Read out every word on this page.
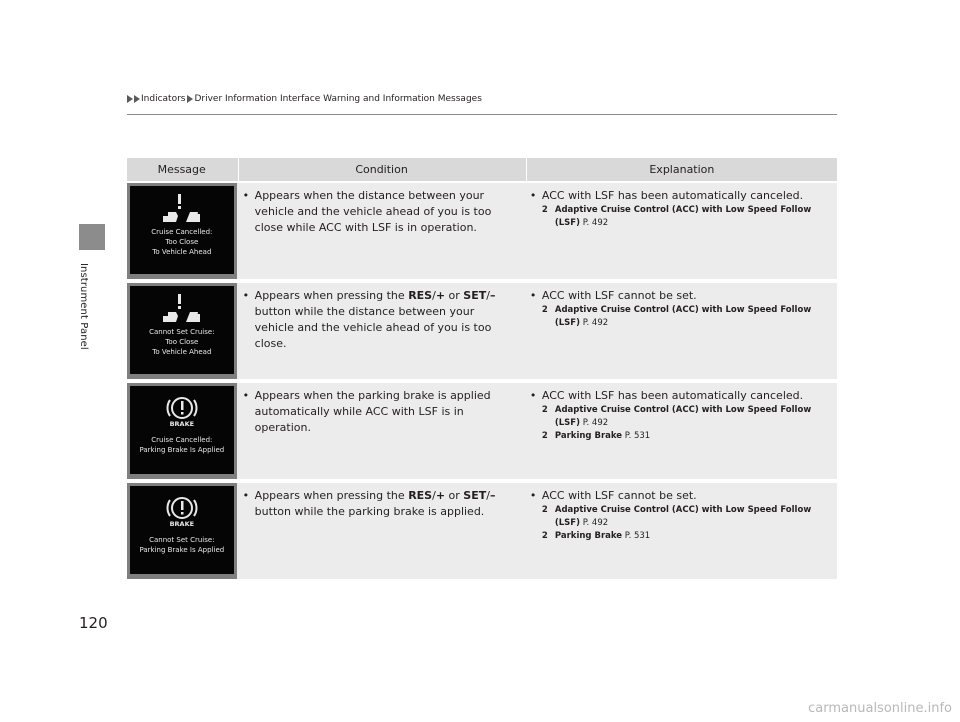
Instrument Panel
Indicators Driver Information Interface Warning and Information Messages
Message	Condition	Explanation
Cruise Cancelled:
Too Close
To Vehicle Ahead
• Appears when the distance between your vehicle and the vehicle ahead of you is too close while ACC with LSF is in operation.
• ACC with LSF has been automatically canceled.
2 Adaptive Cruise Control (ACC) with Low Speed Follow (LSF) P. 492
Cannot Set Cruise:
Too Close
To Vehicle Ahead
• Appears when pressing the RES/+ or SET/– button while the distance between your vehicle and the vehicle ahead of you is too close.
• ACC with LSF cannot be set.
2 Adaptive Cruise Control (ACC) with Low Speed Follow (LSF) P. 492
BRAKE
Cruise Cancelled:
Parking Brake Is Applied
• Appears when the parking brake is applied automatically while ACC with LSF is in operation.
• ACC with LSF has been automatically canceled.
2 Adaptive Cruise Control (ACC) with Low Speed Follow (LSF) P. 492
2 Parking Brake P. 531
BRAKE
Cannot Set Cruise:
Parking Brake Is Applied
• Appears when pressing the RES/+ or SET/– button while the parking brake is applied.
• ACC with LSF cannot be set.
2 Adaptive Cruise Control (ACC) with Low Speed Follow (LSF) P. 492
2 Parking Brake P. 531
120
carmanualsonline.info
